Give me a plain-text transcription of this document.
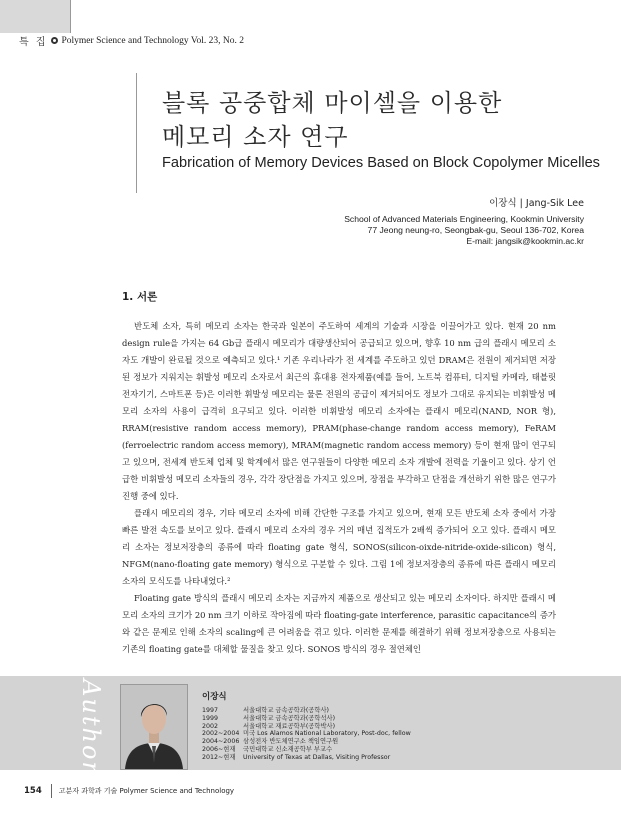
특 집 Polymer Science and Technology Vol. 23, No. 2
블록 공중합체 마이셀을 이용한
메모리 소자 연구
Fabrication of Memory Devices Based on Block Copolymer Micelles
이장식 | Jang-Sik Lee
School of Advanced Materials Engineering, Kookmin University
77 Jeong neung-ro, Seongbak-gu, Seoul 136-702, Korea
E-mail: jangsik@kookmin.ac.kr
1. 서론

반도체 소자, 특히 메모리 소자는 한국과 일본이 주도하여 세계의 기술과 시장을 이끌어가고 있다. 현재 20 nm design rule을 가지는 64 Gb급 플래시 메모리가 대량생산되어 공급되고 있으며, 향후 10 nm 급의 플래시 메모리 소자도 개발이 완료될 것으로 예측되고 있다.¹ 기존 우리나라가 전 세계를 주도하고 있던 DRAM은 전원이 제거되면 저장된 정보가 지워지는 휘발성 메모리 소자로서 최근의 휴대용 전자제품(예를 들어, 노트북 컴퓨터, 디지털 카메라, 태블릿 전자기기, 스마트폰 등)은 이러한 휘발성 메모리는 물론 전원의 공급이 제거되어도 정보가 그대로 유지되는 비휘발성 메모리 소자의 사용이 급격히 요구되고 있다. 이러한 비휘발성 메모리 소자에는 플래시 메모리(NAND, NOR 형), RRAM(resistive random access memory), PRAM(phase-change random access memory), FeRAM (ferroelectric random access memory), MRAM(magnetic random access memory) 등이 현재 많이 연구되고 있으며, 전세계 반도체 업체 및 학계에서 많은 연구원들이 다양한 메모리 소자 개발에 전력을 기울이고 있다. 상기 언급한 비휘발성 메모리 소자들의 경우, 각각 장단점을 가지고 있으며, 장점을 부각하고 단점을 개선하기 위한 많은 연구가 진행 중에 있다.

플래시 메모리의 경우, 기타 메모리 소자에 비해 간단한 구조를 가지고 있으며, 현재 모든 반도체 소자 중에서 가장 빠른 발전 속도를 보이고 있다. 플래시 메모리 소자의 경우 거의 매년 집적도가 2배씩 증가되어 오고 있다. 플래시 메모리 소자는 정보저장층의 종류에 따라 floating gate 형식, SONOS(silicon-oixde-nitride-oxide-silicon) 형식, NFGM(nano-floating gate memory) 형식으로 구분할 수 있다. 그림 1에 정보저장층의 종류에 따른 플래시 메모리 소자의 모식도를 나타내었다.²

Floating gate 방식의 플래시 메모리 소자는 지금까지 제품으로 생산되고 있는 메모리 소자이다. 하지만 플래시 메모리 소자의 크기가 20 nm 크기 이하로 작아짐에 따라 floating-gate interference, parasitic capacitance의 증가와 같은 문제로 인해 소자의 scaling에 큰 어려움을 겪고 있다. 이러한 문제를 해결하기 위해 정보저장층으로 사용되는 기존의 floating gate를 대체할 물질을 찾고 있다. SONOS 방식의 경우 절연체인

Author	이장식
1997	서울대학교 금속공학과(공학사)
1999	서울대학교 금속공학과(공학석사)
2002	서울대학교 재료공학부(공학박사)
2002~2004 미국 Los Alamos National Laboratory, Post-doc, fellow
2004~2006 삼성전자 반도체연구소 책임연구원
2006~현재	국민대학교 신소재공학부 부교수
2012~현재	University of Texas at Dallas, Visiting Professor
154 고분자 과학과 기술 Polymer Science and Technology
